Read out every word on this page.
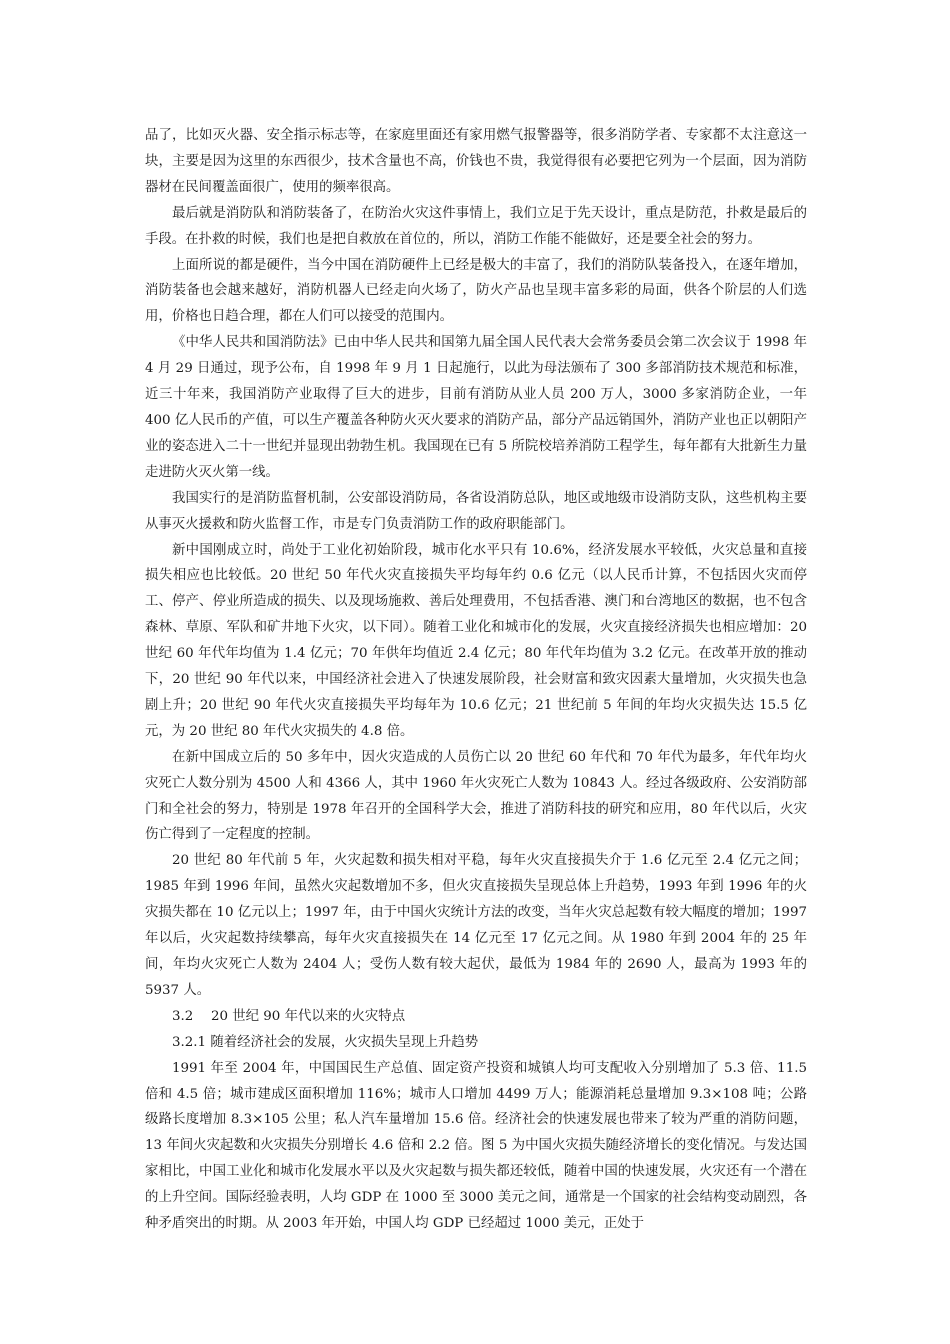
品了，比如灭火器、安全指示标志等，在家庭里面还有家用燃气报警器等，很多消防学者、专家都不太注意这一块，主要是因为这里的东西很少，技术含量也不高，价钱也不贵，我觉得很有必要把它列为一个层面，因为消防器材在民间覆盖面很广，使用的频率很高。

最后就是消防队和消防装备了，在防治火灾这件事情上，我们立足于先天设计，重点是防范，扑救是最后的手段。在扑救的时候，我们也是把自救放在首位的，所以，消防工作能不能做好，还是要全社会的努力。

上面所说的都是硬件，当今中国在消防硬件上已经是极大的丰富了，我们的消防队装备投入，在逐年增加，消防装备也会越来越好，消防机器人已经走向火场了，防火产品也呈现丰富多彩的局面，供各个阶层的人们选用，价格也日趋合理，都在人们可以接受的范围内。

《中华人民共和国消防法》已由中华人民共和国第九届全国人民代表大会常务委员会第二次会议于 1998 年 4 月 29 日通过，现予公布，自 1998 年 9 月 1 日起施行，以此为母法颁布了 300 多部消防技术规范和标准，近三十年来，我国消防产业取得了巨大的进步，目前有消防从业人员 200 万人，3000 多家消防企业，一年 400 亿人民币的产值，可以生产覆盖各种防火灭火要求的消防产品，部分产品远销国外，消防产业也正以朝阳产业的姿态进入二十一世纪并显现出勃勃生机。我国现在已有 5 所院校培养消防工程学生，每年都有大批新生力量走进防火灭火第一线。

我国实行的是消防监督机制，公安部设消防局，各省设消防总队，地区或地级市设消防支队，这些机构主要从事灭火援救和防火监督工作，市是专门负责消防工作的政府职能部门。

新中国刚成立时，尚处于工业化初始阶段，城市化水平只有 10.6%，经济发展水平较低，火灾总量和直接损失相应也比较低。20 世纪 50 年代火灾直接损失平均每年约 0.6 亿元（以人民币计算，不包括因火灾而停工、停产、停业所造成的损失、以及现场施救、善后处理费用，不包括香港、澳门和台湾地区的数据，也不包含森林、草原、军队和矿井地下火灾，以下同）。随着工业化和城市化的发展，火灾直接经济损失也相应增加：20 世纪 60 年代年均值为 1.4 亿元；70 年供年均值近 2.4 亿元；80 年代年均值为 3.2 亿元。在改革开放的推动下，20 世纪 90 年代以来，中国经济社会进入了快速发展阶段，社会财富和致灾因素大量增加，火灾损失也急剧上升；20 世纪 90 年代火灾直接损失平均每年为 10.6 亿元；21 世纪前 5 年间的年均火灾损失达 15.5 亿元，为 20 世纪 80 年代火灾损失的 4.8 倍。

在新中国成立后的 50 多年中，因火灾造成的人员伤亡以 20 世纪 60 年代和 70 年代为最多，年代年均火灾死亡人数分别为 4500 人和 4366 人，其中 1960 年火灾死亡人数为 10843 人。经过各级政府、公安消防部门和全社会的努力，特别是 1978 年召开的全国科学大会，推进了消防科技的研究和应用，80 年代以后，火灾伤亡得到了一定程度的控制。

20 世纪 80 年代前 5 年，火灾起数和损失相对平稳，每年火灾直接损失介于 1.6 亿元至 2.4 亿元之间；1985 年到 1996 年间，虽然火灾起数增加不多，但火灾直接损失呈现总体上升趋势，1993 年到 1996 年的火灾损失都在 10 亿元以上；1997 年，由于中国火灾统计方法的改变，当年火灾总起数有较大幅度的增加；1997 年以后，火灾起数持续攀高，每年火灾直接损失在 14 亿元至 17 亿元之间。从 1980 年到 2004 年的 25 年间，年均火灾死亡人数为 2404 人；受伤人数有较大起伏，最低为 1984 年的 2690 人，最高为 1993 年的 5937 人。

3.2　 20 世纪 90 年代以来的火灾特点

3.2.1 随着经济社会的发展，火灾损失呈现上升趋势

1991 年至 2004 年，中国国民生产总值、固定资产投资和城镇人均可支配收入分别增加了 5.3 倍、11.5 倍和 4.5 倍；城市建成区面积增加 116%；城市人口增加 4499 万人；能源消耗总量增加 9.3×108 吨；公路级路长度增加 8.3×105 公里；私人汽车量增加 15.6 倍。经济社会的快速发展也带来了较为严重的消防问题，13 年间火灾起数和火灾损失分别增长 4.6 倍和 2.2 倍。图 5 为中国火灾损失随经济增长的变化情况。与发达国家相比，中国工业化和城市化发展水平以及火灾起数与损失都还较低，随着中国的快速发展，火灾还有一个潜在的上升空间。国际经验表明，人均 GDP 在 1000 至 3000 美元之间，通常是一个国家的社会结构变动剧烈，各种矛盾突出的时期。从 2003 年开始，中国人均 GDP 已经超过 1000 美元，正处于
